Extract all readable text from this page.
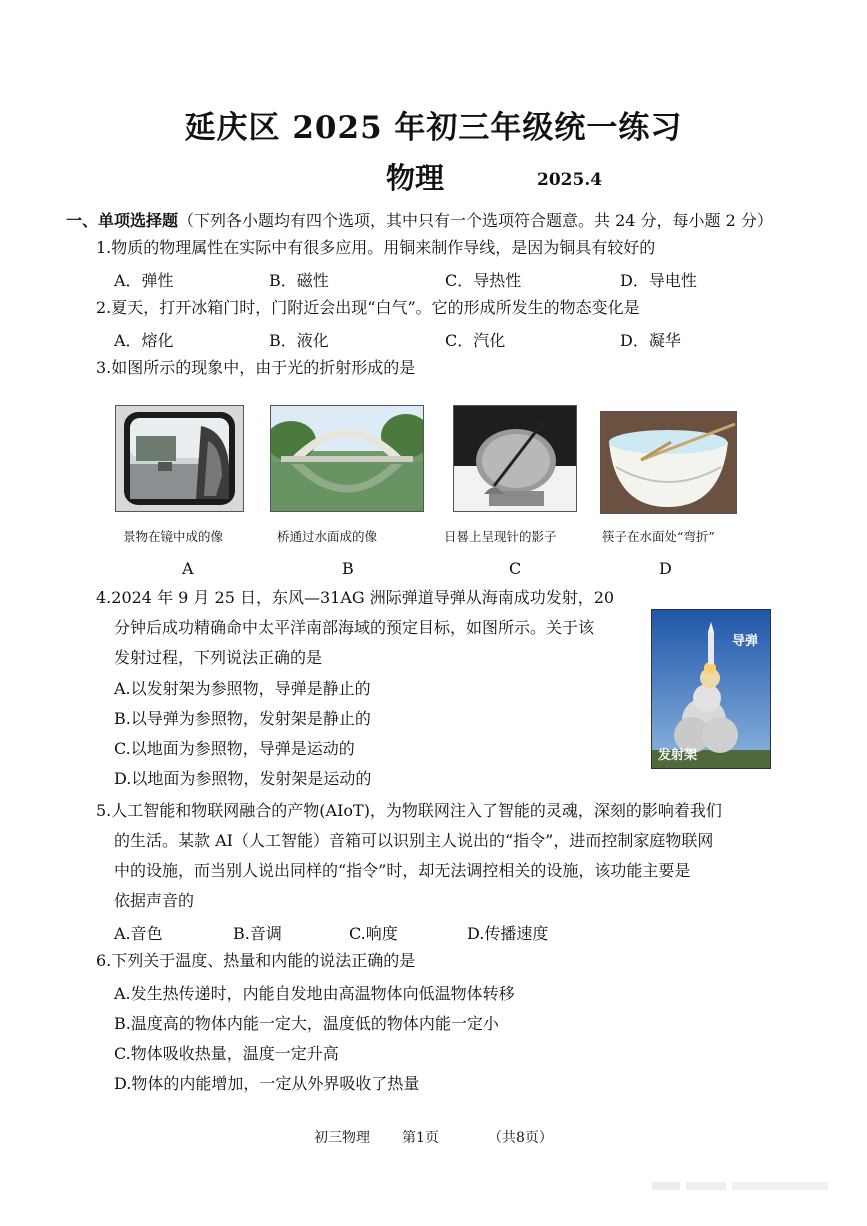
延庆区 2025 年初三年级统一练习
物理	2025.4
一、单项选择题（下列各小题均有四个选项，其中只有一个选项符合题意。共 24 分，每小题 2 分）
1.物质的物理属性在实际中有很多应用。用铜来制作导线，是因为铜具有较好的
A．弹性	B．磁性	C．导热性	D．导电性
2.夏天，打开冰箱门时，门附近会出现“白气”。它的形成所发生的物态变化是
A．熔化	B．液化	C．汽化	D．凝华
3.如图所示的现象中，由于光的折射形成的是
景物在镜中成的像	桥通过水面成的像	日晷上呈现针的影子	筷子在水面处“弯折”
A	B	C	D
4.2024 年 9 月 25 日，东风—31AG 洲际弹道导弹从海南成功发射，20
分钟后成功精确命中太平洋南部海域的预定目标，如图所示。关于该
发射过程，下列说法正确的是
A.以发射架为参照物，导弹是静止的
B.以导弹为参照物，发射架是静止的
C.以地面为参照物，导弹是运动的
D.以地面为参照物，发射架是运动的
导弹
发射架
5.人工智能和物联网融合的产物(AIoT)，为物联网注入了智能的灵魂，深刻的影响着我们
的生活。某款 AI（人工智能）音箱可以识别主人说出的“指令”，进而控制家庭物联网
中的设施，而当别人说出同样的“指令”时，却无法调控相关的设施，该功能主要是
依据声音的
A.音色	B.音调	C.响度	D.传播速度
6.下列关于温度、热量和内能的说法正确的是
A.发生热传递时，内能自发地由高温物体向低温物体转移
B.温度高的物体内能一定大，温度低的物体内能一定小
C.物体吸收热量，温度一定升高
D.物体的内能增加，一定从外界吸收了热量
初三物理 第1页	（共8页）
